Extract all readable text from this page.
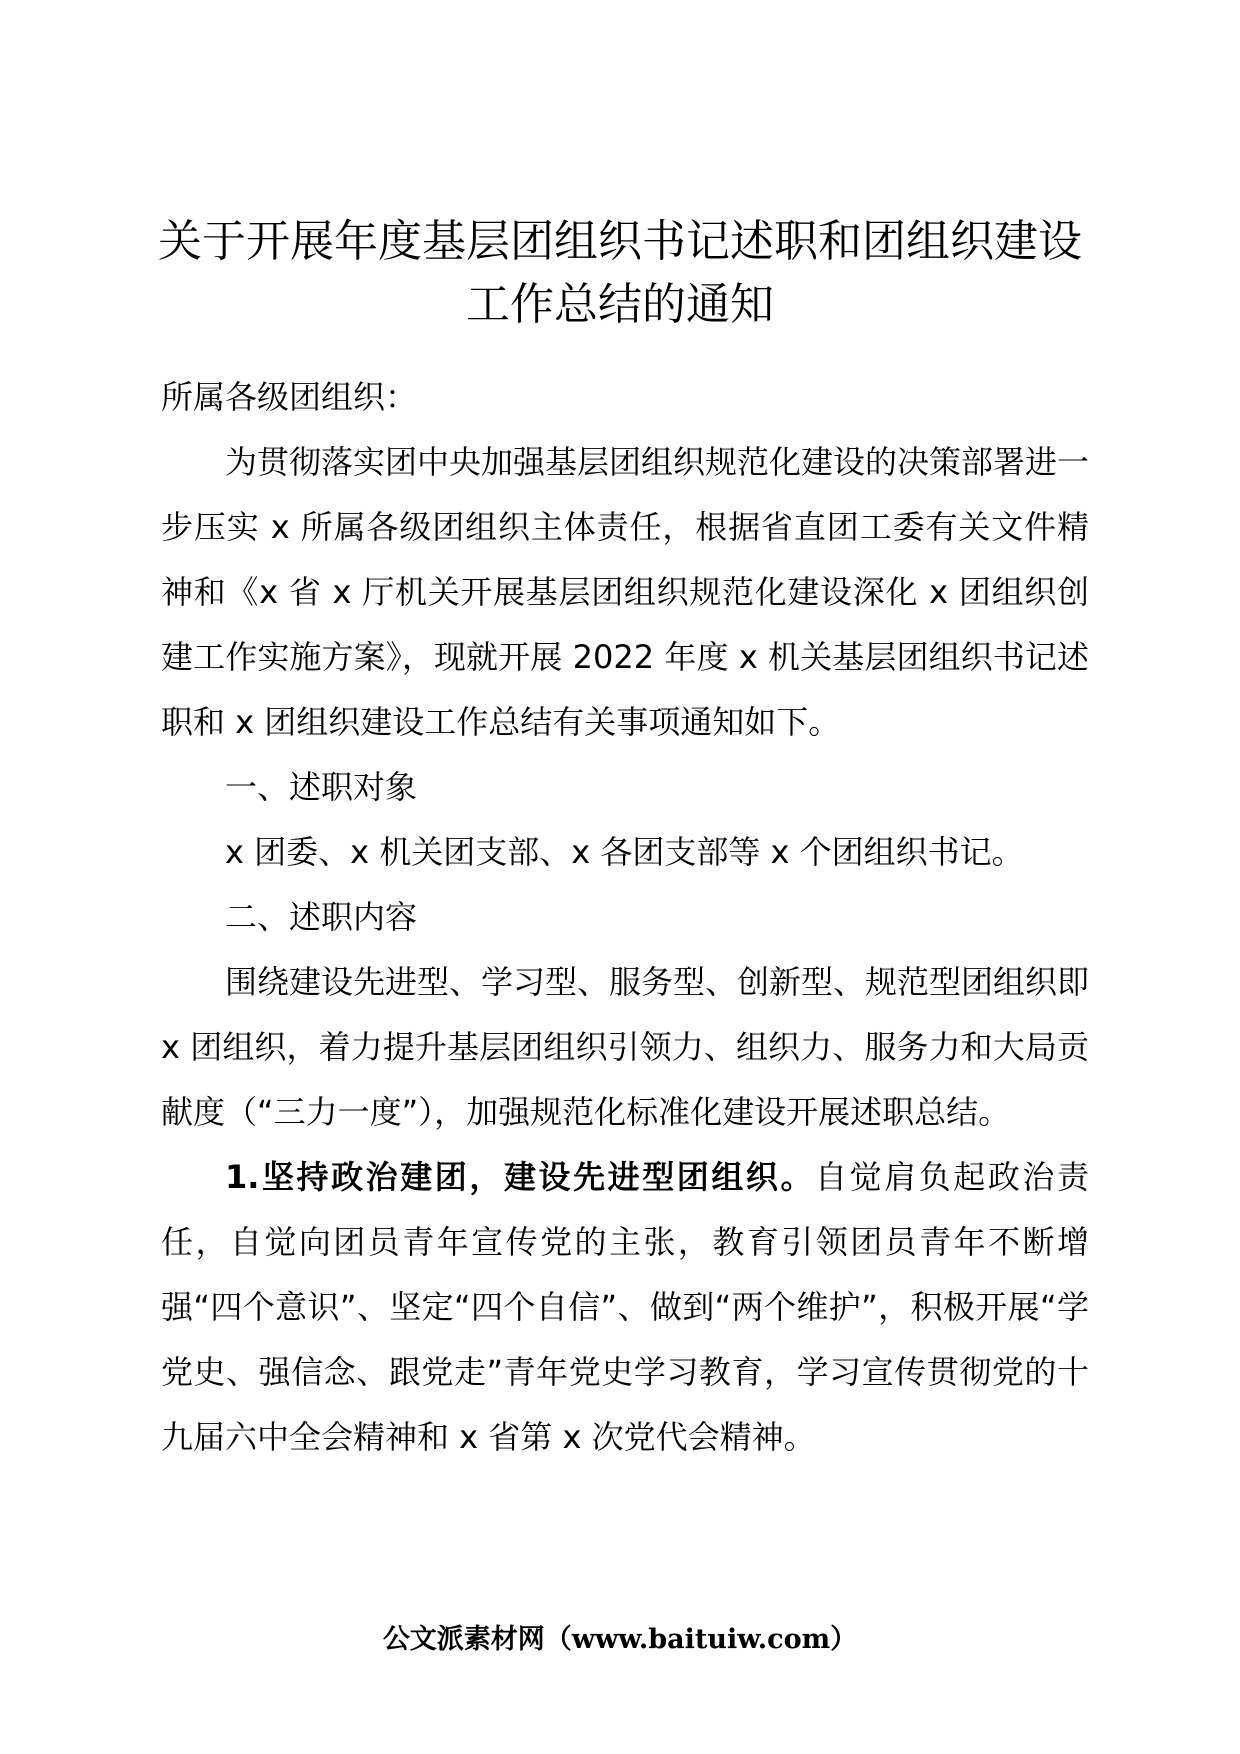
关于开展年度基层团组织书记述职和团组织建设工作总结的通知

所属各级团组织：

为贯彻落实团中央加强基层团组织规范化建设的决策部署进一步压实 x 所属各级团组织主体责任，根据省直团工委有关文件精神和《x 省 x 厅机关开展基层团组织规范化建设深化 x 团组织创建工作实施方案》，现就开展 2022 年度 x 机关基层团组织书记述职和 x 团组织建设工作总结有关事项通知如下。

一、述职对象

x 团委、x 机关团支部、x 各团支部等 x 个团组织书记。

二、述职内容

围绕建设先进型、学习型、服务型、创新型、规范型团组织即 x 团组织，着力提升基层团组织引领力、组织力、服务力和大局贡献度（“三力一度”），加强规范化标准化建设开展述职总结。

1.坚持政治建团，建设先进型团组织。自觉肩负起政治责任，自觉向团员青年宣传党的主张，教育引领团员青年不断增强“四个意识”、坚定“四个自信”、做到“两个维护”，积极开展“学党史、强信念、跟党走”青年党史学习教育，学习宣传贯彻党的十九届六中全会精神和 x 省第 x 次党代会精神。

公文派素材网（www.baituiw.com）
